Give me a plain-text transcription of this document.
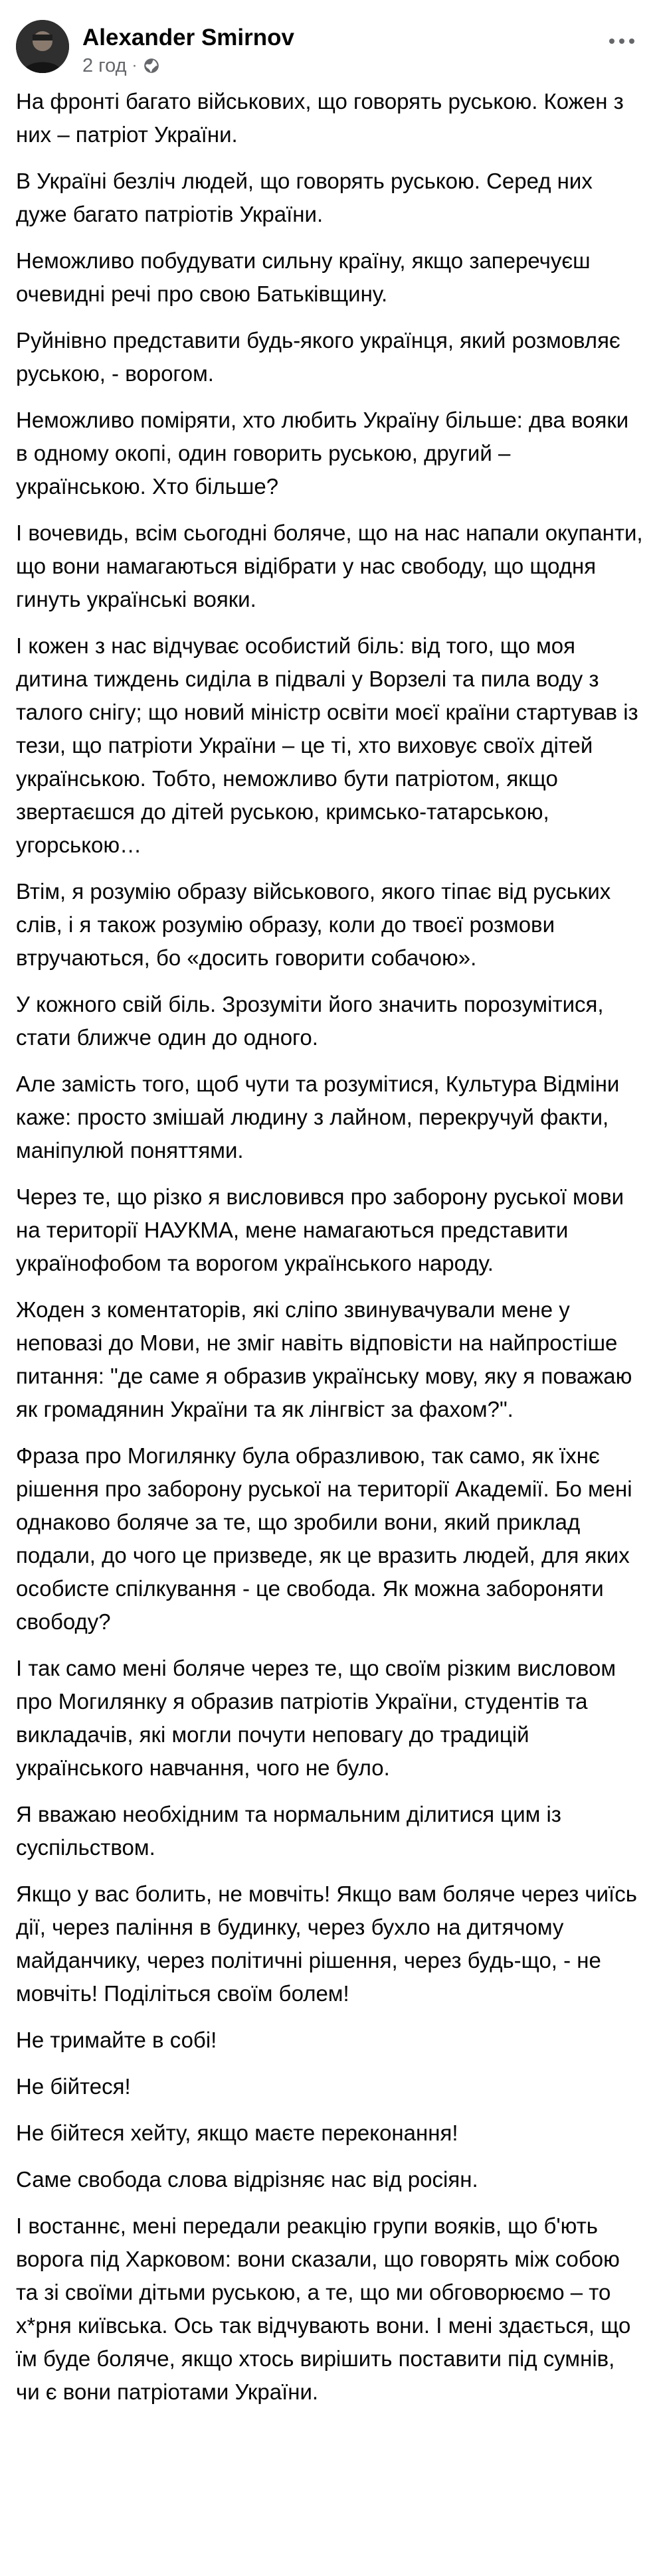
Alexander Smirnov
2 год ·

На фронті багато військових, що говорять руською. Кожен з них – патріот України.

В Україні безліч людей, що говорять руською. Серед них дуже багато патріотів України.

Неможливо побудувати сильну країну, якщо заперечуєш очевидні речі про свою Батьківщину.

Руйнівно представити будь-якого українця, який розмовляє руською, - ворогом.

Неможливо поміряти, хто любить Україну більше: два вояки в одному окопі, один говорить руською, другий – українською. Хто більше?

І вочевидь, всім сьогодні боляче, що на нас напали окупанти, що вони намагаються відібрати у нас свободу, що щодня гинуть українські вояки.

І кожен з нас відчуває особистий біль: від того, що моя дитина тиждень сиділа в підвалі у Ворзелі та пила воду з талого снігу; що новий міністр освіти моєї країни стартував із тези, що патріоти України – це ті, хто виховує своїх дітей українською. Тобто, неможливо бути патріотом, якщо звертаєшся до дітей руською, кримсько-татарською, угорською…

Втім, я розумію образу військового, якого тіпає від руських слів, і я також розумію образу, коли до твоєї розмови втручаються, бо «досить говорити собачою».

У кожного свій біль. Зрозуміти його значить порозумітися, стати ближче один до одного.

Але замість того, щоб чути та розумітися, Культура Відміни каже: просто змішай людину з лайном, перекручуй факти, маніпулюй поняттями.

Через те, що різко я висловився про заборону руської мови на території НАУКМА, мене намагаються представити українофобом та ворогом українського народу.

Жоден з коментаторів, які сліпо звинувачували мене у неповазі до Мови, не зміг навіть відповісти на найпростіше питання: "де саме я образив українську мову, яку я поважаю як громадянин України та як лінгвіст за фахом?".

Фраза про Могилянку була образливою, так само, як їхнє рішення про заборону руської на території Академії. Бо мені однаково боляче за те, що зробили вони, який приклад подали, до чого це призведе, як це вразить людей, для яких особисте спілкування - це свобода. Як можна забороняти свободу?

І так само мені боляче через те, що своїм різким висловом про Могилянку я образив патріотів України, студентів та викладачів, які могли почути неповагу до традицій українського навчання, чого не було.

Я вважаю необхідним та нормальним ділитися цим із суспільством.

Якщо у вас болить, не мовчіть! Якщо вам боляче через чиїсь дії, через паління в будинку, через бухло на дитячому майданчику, через політичні рішення, через будь-що, - не мовчіть! Поділіться своїм болем!

Не тримайте в собі!

Не бійтеся!

Не бійтеся хейту, якщо маєте переконання!

Саме свобода слова відрізняє нас від росіян.

І востаннє, мені передали реакцію групи вояків, що б'ють ворога під Харковом: вони сказали, що говорять між собою та зі своїми дітьми руською, а те, що ми обговорюємо – то х*рня київська. Ось так відчувають вони. І мені здається, що їм буде боляче, якщо хтось вирішить поставити під сумнів, чи є вони патріотами України.
